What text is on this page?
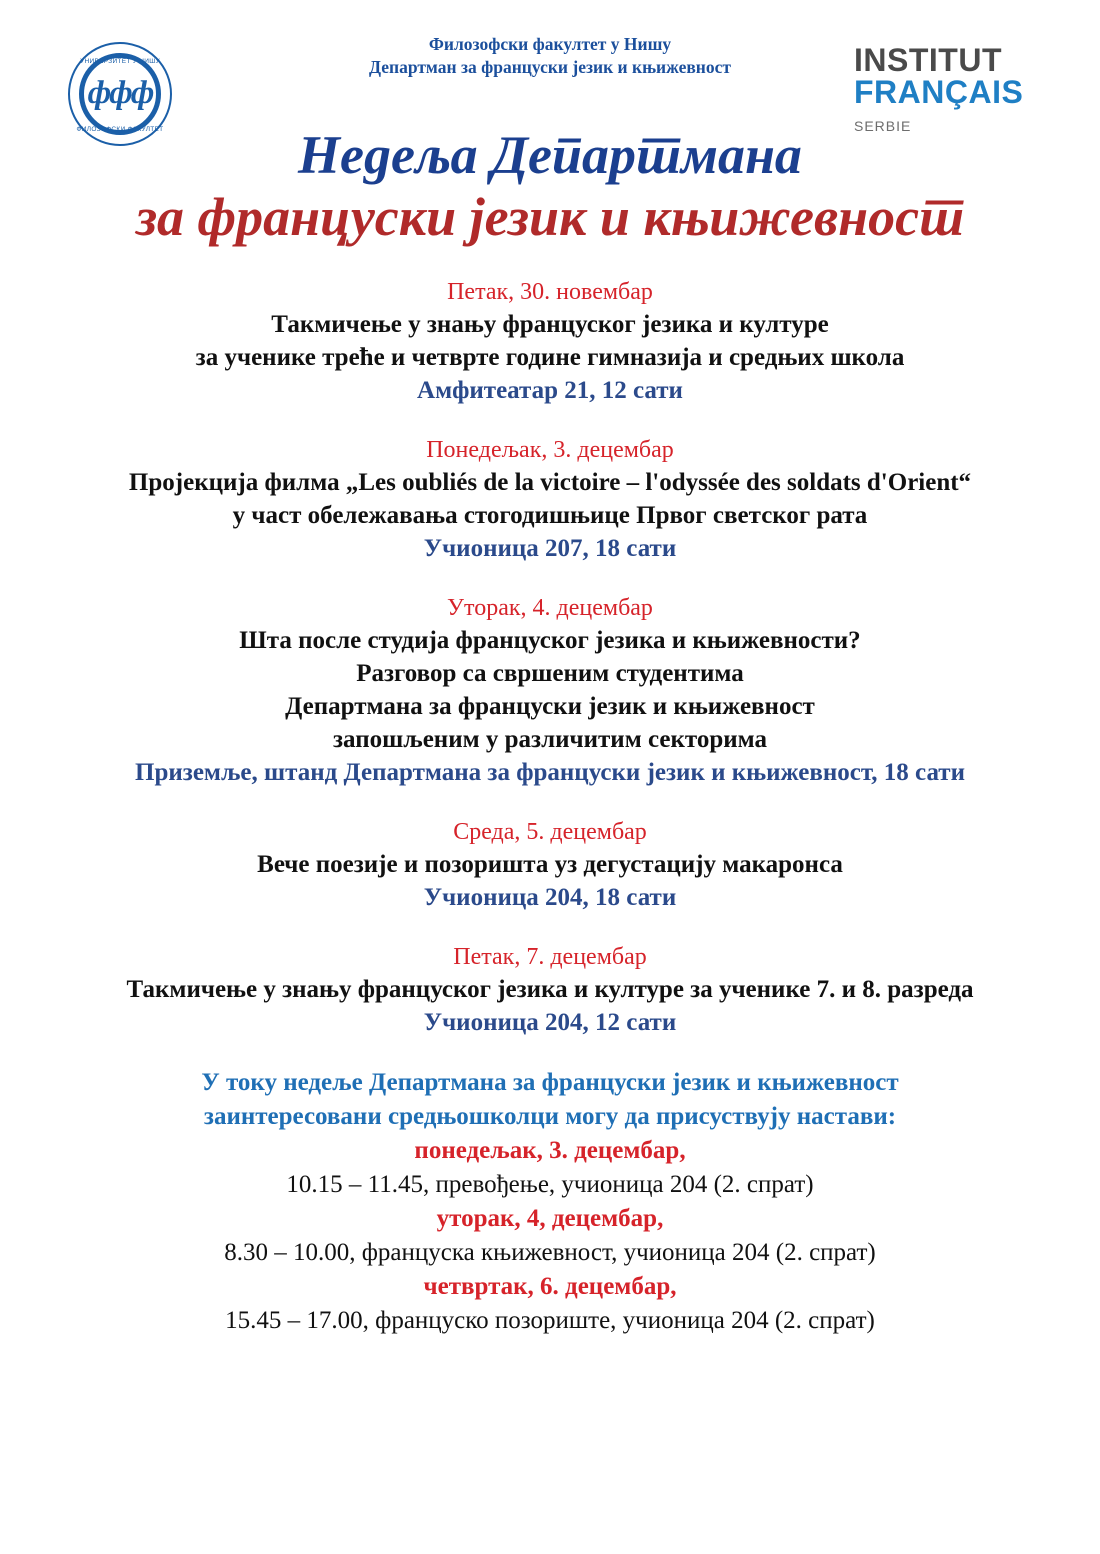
УНИВЕРЗИТЕТ У НИШУ
ффф
ФИЛОЗОФСКИ ФАКУЛТЕТ
Филозофски факултет у Нишу
Департман за француски језик и књижевност	INSTITUT
FRANÇAIS
SERBIE
Недеља Департмана
за француски језик и књижевност
Петак, 30. новембар
Такмичење у знању француског језика и културе
за ученике треће и четврте године гимназија и средњих школа
Амфитеатар 21, 12 сати
Понедељак, 3. децембар
Пројекција филма „Les oubliés de la victoire – l'odyssée des soldats d'Orient“
у част обележавања стогодишњице Првог светског рата
Учионица 207, 18 сати
Уторак, 4. децембар
Шта после студија француског језика и књижевности?
Разговор са свршеним студентима
Департмана за француски језик и књижевност
запошљеним у различитим секторима
Приземље, штанд Департмана за француски језик и књижевност, 18 сати
Среда, 5. децембар
Вече поезије и позоришта уз дегустацију макаронса
Учионица 204, 18 сати
Петак, 7. децембар
Такмичење у знању француског језика и културе за ученике 7. и 8. разреда
Учионица 204, 12 сати
У току недеље Департмана за француски језик и књижевност
заинтересовани средњошколци могу да присуствују настави:
понедељак, 3. децембар,
10.15 – 11.45, превођење, учионица 204 (2. спрат)
уторак, 4, децембар,
8.30 – 10.00, француска књижевност, учионица 204 (2. спрат)
четвртак, 6. децембар,
15.45 – 17.00, француско позориште, учионица 204 (2. спрат)
